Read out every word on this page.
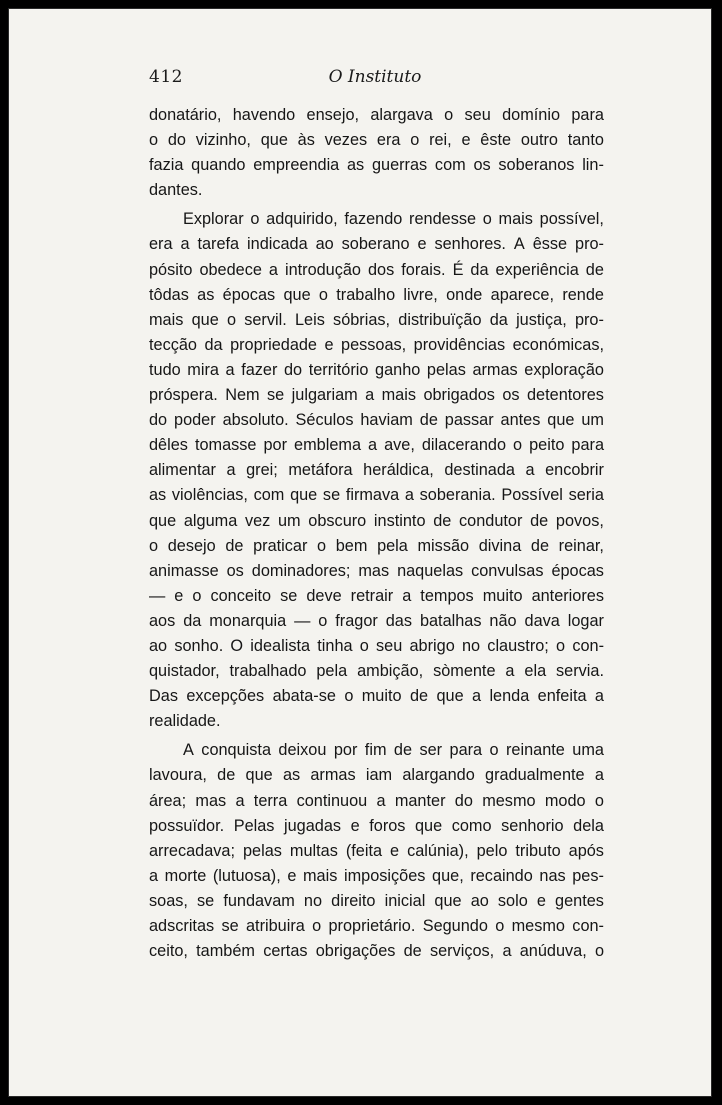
412	O Instituto
donatário, havendo ensejo, alargava o seu domínio para
o do vizinho, que às vezes era o rei, e êste outro tanto
fazia quando empreendia as guerras com os soberanos lin-
dantes.
Explorar o adquirido, fazendo rendesse o mais possível,
era a tarefa indicada ao soberano e senhores. A êsse pro-
pósito obedece a introdução dos forais. É da experiência de
tôdas as épocas que o trabalho livre, onde aparece, rende
mais que o servil. Leis sóbrias, distribuïção da justiça, pro-
tecção da propriedade e pessoas, providências económicas,
tudo mira a fazer do território ganho pelas armas exploração
próspera. Nem se julgariam a mais obrigados os detentores
do poder absoluto. Séculos haviam de passar antes que um
dêles tomasse por emblema a ave, dilacerando o peito para
alimentar a grei; metáfora heráldica, destinada a encobrir
as violências, com que se firmava a soberania. Possível seria
que alguma vez um obscuro instinto de condutor de povos,
o desejo de praticar o bem pela missão divina de reinar,
animasse os dominadores; mas naquelas convulsas épocas
— e o conceito se deve retrair a tempos muito anteriores
aos da monarquia — o fragor das batalhas não dava logar
ao sonho. O idealista tinha o seu abrigo no claustro; o con-
quistador, trabalhado pela ambição, sòmente a ela servia.
Das excepções abata-se o muito de que a lenda enfeita a
realidade.
A conquista deixou por fim de ser para o reinante uma
lavoura, de que as armas iam alargando gradualmente a
área; mas a terra continuou a manter do mesmo modo o
possuïdor. Pelas jugadas e foros que como senhorio dela
arrecadava; pelas multas (feita e calúnia), pelo tributo após
a morte (lutuosa), e mais imposições que, recaindo nas pes-
soas, se fundavam no direito inicial que ao solo e gentes
adscritas se atribuira o proprietário. Segundo o mesmo con-
ceito, também certas obrigações de serviços, a anúduva, o
